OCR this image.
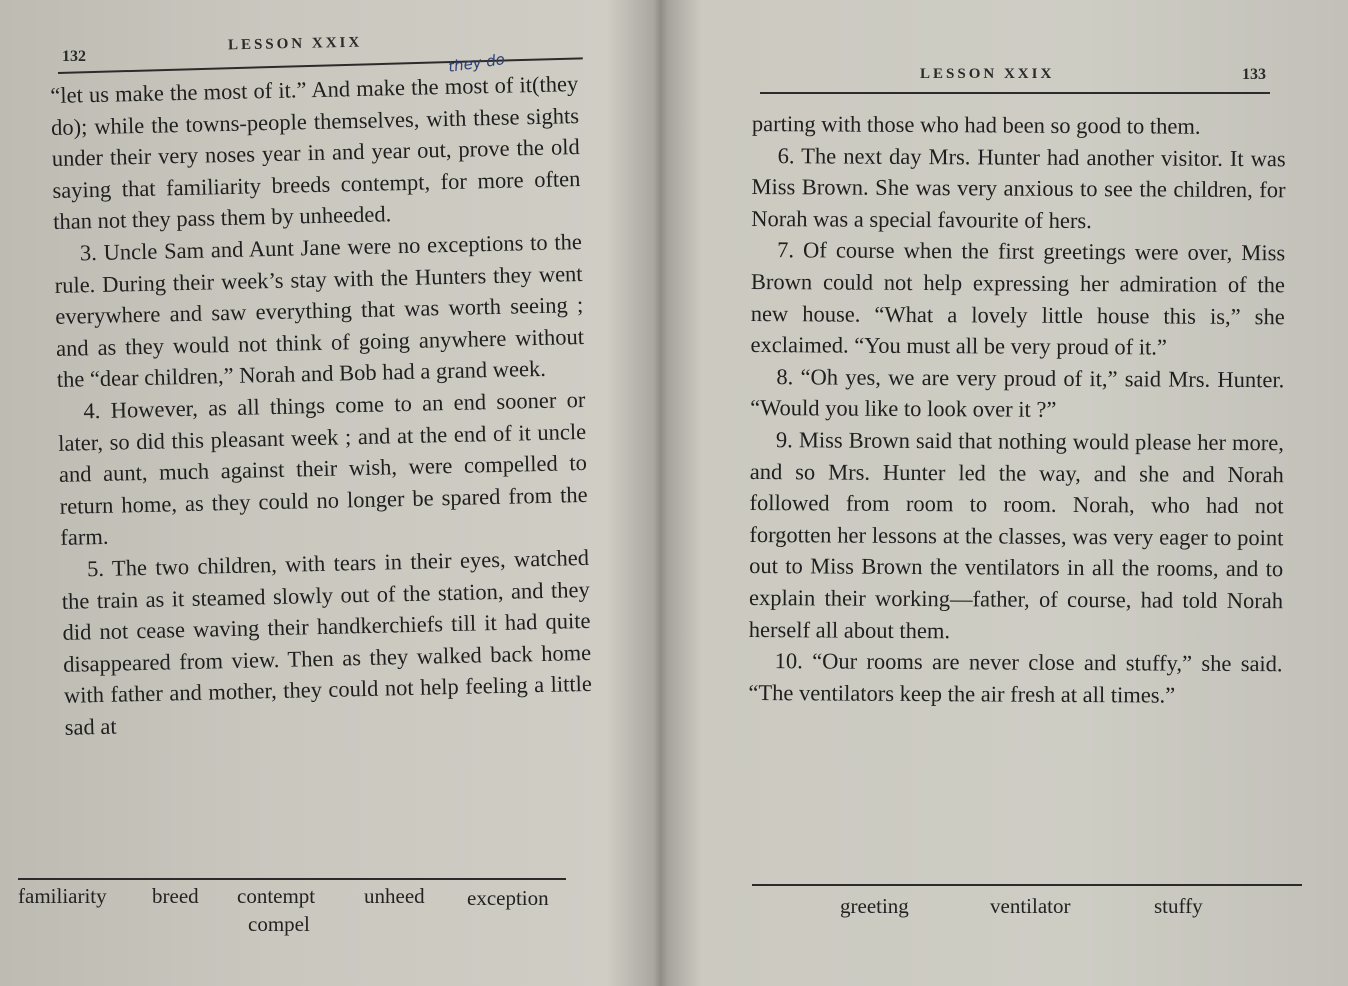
132
LESSON XXIX
they do

“let us make the most of it.” And make the most of it(they do); while the towns-people themselves, with these sights under their very noses year in and year out, prove the old saying that familiarity breeds contempt, for more often than not they pass them by unheeded.

3. Uncle Sam and Aunt Jane were no exceptions to the rule. During their week’s stay with the Hunters they went everywhere and saw everything that was worth seeing ; and as they would not think of going anywhere without the “dear children,” Norah and Bob had a grand week.

4. However, as all things come to an end sooner or later, so did this pleasant week ; and at the end of it uncle and aunt, much against their wish, were compelled to return home, as they could no longer be spared from the farm.

5. The two children, with tears in their eyes, watched the train as it steamed slowly out of the station, and they did not cease waving their handkerchiefs till it had quite disappeared from view. Then as they walked back home with father and mother, they could not help feeling a little sad at

familiarity breed contempt unheed exception
compel
LESSON XXIX	133

parting with those who had been so good to them.

6. The next day Mrs. Hunter had another visitor. It was Miss Brown. She was very anxious to see the children, for Norah was a special favourite of hers.

7. Of course when the first greetings were over, Miss Brown could not help expressing her admiration of the new house. “What a lovely little house this is,” she exclaimed. “You must all be very proud of it.”

8. “Oh yes, we are very proud of it,” said Mrs. Hunter. “Would you like to look over it ?”

9. Miss Brown said that nothing would please her more, and so Mrs. Hunter led the way, and she and Norah followed from room to room. Norah, who had not forgotten her lessons at the classes, was very eager to point out to Miss Brown the ventilators in all the rooms, and to explain their working—father, of course, had told Norah herself all about them.

10. “Our rooms are never close and stuffy,” she said. “The ventilators keep the air fresh at all times.”

greeting	ventilator	stuffy
